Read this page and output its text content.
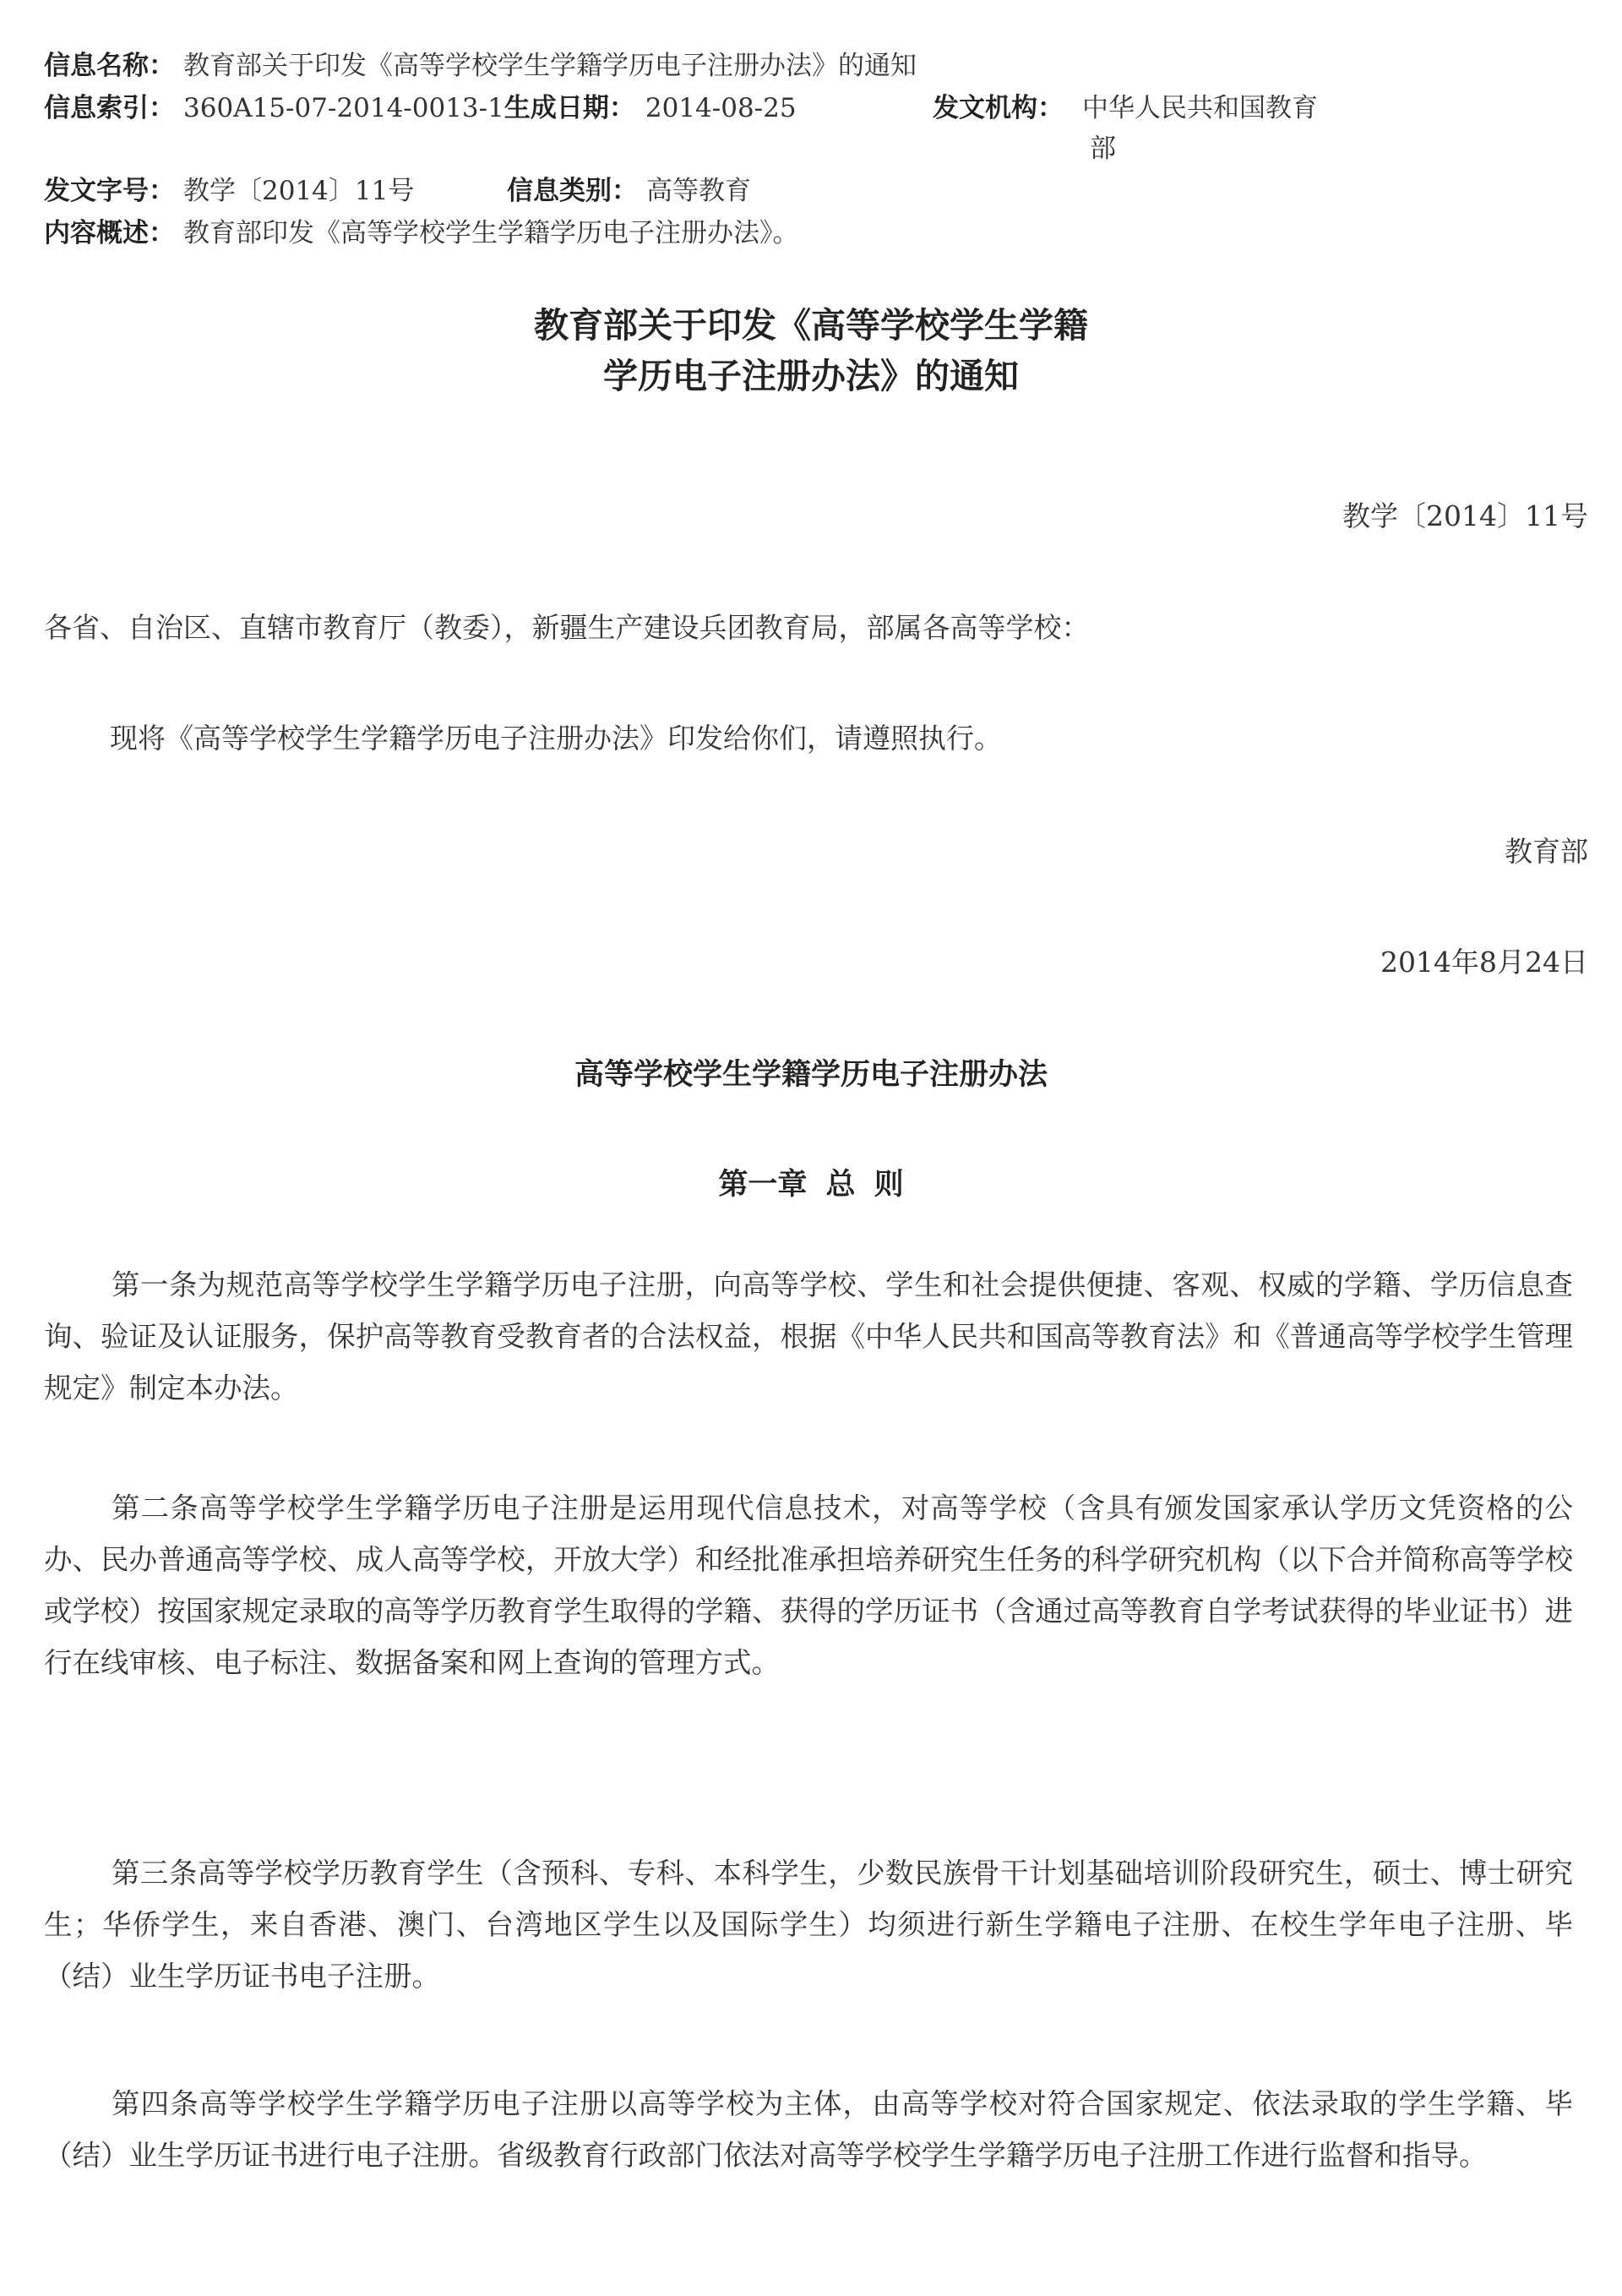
信息名称： 教育部关于印发《高等学校学生学籍学历电子注册办法》的通知
信息索引： 360A15-07-2014-0013-1生成日期： 2014-08-25	发文机构： 中华人民共和国教育
部
发文字号： 教学〔2014〕11号	信息类别： 高等教育
内容概述： 教育部印发《高等学校学生学籍学历电子注册办法》。
教育部关于印发《高等学校学生学籍
学历电子注册办法》的通知
教学〔2014〕11号
各省、自治区、直辖市教育厅（教委），新疆生产建设兵团教育局，部属各高等学校：
现将《高等学校学生学籍学历电子注册办法》印发给你们，请遵照执行。
教育部
2014年8月24日
高等学校学生学籍学历电子注册办法
第一章 总 则

第一条为规范高等学校学生学籍学历电子注册，向高等学校、学生和社会提供便捷、客观、权威的学籍、学历信息查询、验证及认证服务，保护高等教育受教育者的合法权益，根据《中华人民共和国高等教育法》和《普通高等学校学生管理规定》制定本办法。

第二条高等学校学生学籍学历电子注册是运用现代信息技术，对高等学校（含具有颁发国家承认学历文凭资格的公办、民办普通高等学校、成人高等学校，开放大学）和经批准承担培养研究生任务的科学研究机构（以下合并简称高等学校或学校）按国家规定录取的高等学历教育学生取得的学籍、获得的学历证书（含通过高等教育自学考试获得的毕业证书）进行在线审核、电子标注、数据备案和网上查询的管理方式。

第三条高等学校学历教育学生（含预科、专科、本科学生，少数民族骨干计划基础培训阶段研究生，硕士、博士研究生；华侨学生，来自香港、澳门、台湾地区学生以及国际学生）均须进行新生学籍电子注册、在校生学年电子注册、毕（结）业生学历证书电子注册。

第四条高等学校学生学籍学历电子注册以高等学校为主体，由高等学校对符合国家规定、依法录取的学生学籍、毕（结）业生学历证书进行电子注册。省级教育行政部门依法对高等学校学生学籍学历电子注册工作进行监督和指导。
